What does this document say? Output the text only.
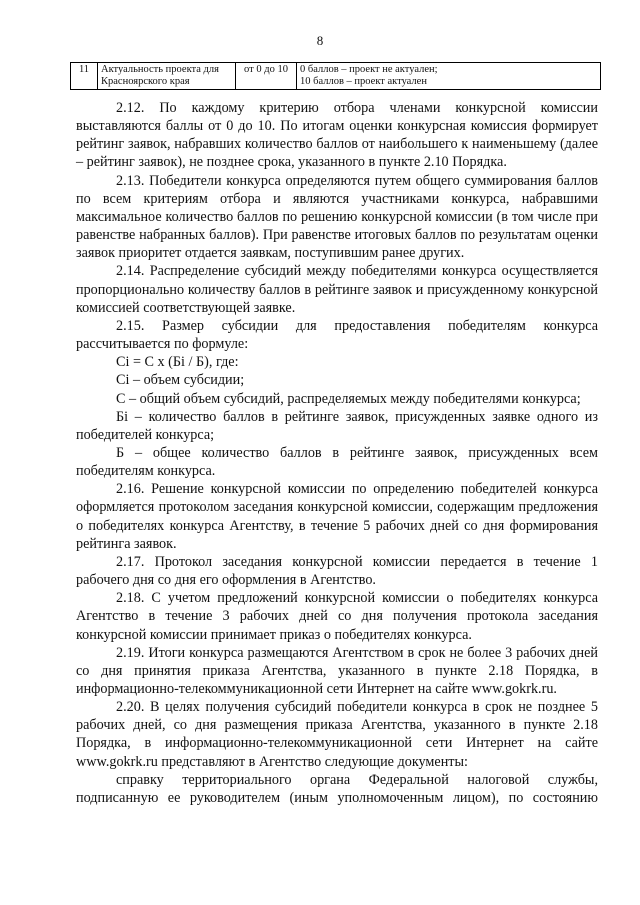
8
11	Актуальность проекта для Красноярского края	от 0 до 10	0 баллов – проект не актуален;
10 баллов – проект актуален

2.12. По каждому критерию отбора членами конкурсной комиссии выставляются баллы от 0 до 10. По итогам оценки конкурсная комиссия формирует рейтинг заявок, набравших количество баллов от наибольшего к наименьшему (далее – рейтинг заявок), не позднее срока, указанного в пункте 2.10 Порядка.

2.13. Победители конкурса определяются путем общего суммирования баллов по всем критериям отбора и являются участниками конкурса, набравшими максимальное количество баллов по решению конкурсной комиссии (в том числе при равенстве набранных баллов). При равенстве итоговых баллов по результатам оценки заявок приоритет отдается заявкам, поступившим ранее других.

2.14. Распределение субсидий между победителями конкурса осуществляется пропорционально количеству баллов в рейтинге заявок и присужденному конкурсной комиссией соответствующей заявке.

2.15. Размер субсидии для предоставления победителям конкурса рассчитывается по формуле:

Ci = C x (Бi / Б), где:

Ci – объем субсидии;

C – общий объем субсидий, распределяемых между победителями конкурса;

Бi – количество баллов в рейтинге заявок, присужденных заявке одного из победителей конкурса;

Б – общее количество баллов в рейтинге заявок, присужденных всем победителям конкурса.

2.16. Решение конкурсной комиссии по определению победителей конкурса оформляется протоколом заседания конкурсной комиссии, содержащим предложения о победителях конкурса Агентству, в течение 5 рабочих дней со дня формирования рейтинга заявок.

2.17. Протокол заседания конкурсной комиссии передается в течение 1 рабочего дня со дня его оформления в Агентство.

2.18. С учетом предложений конкурсной комиссии о победителях конкурса Агентство в течение 3 рабочих дней со дня получения протокола заседания конкурсной комиссии принимает приказ о победителях конкурса.

2.19. Итоги конкурса размещаются Агентством в срок не более 3 рабочих дней со дня принятия приказа Агентства, указанного в пункте 2.18 Порядка, в информационно-телекоммуникационной сети Интернет на сайте www.gokrk.ru.

2.20. В целях получения субсидий победители конкурса в срок не позднее 5 рабочих дней, со дня размещения приказа Агентства, указанного в пункте 2.18 Порядка, в информационно-телекоммуникационной сети Интернет на сайте www.gokrk.ru представляют в Агентство следующие документы:

справку территориального органа Федеральной налоговой службы, подписанную ее руководителем (иным уполномоченным лицом), по состоянию
